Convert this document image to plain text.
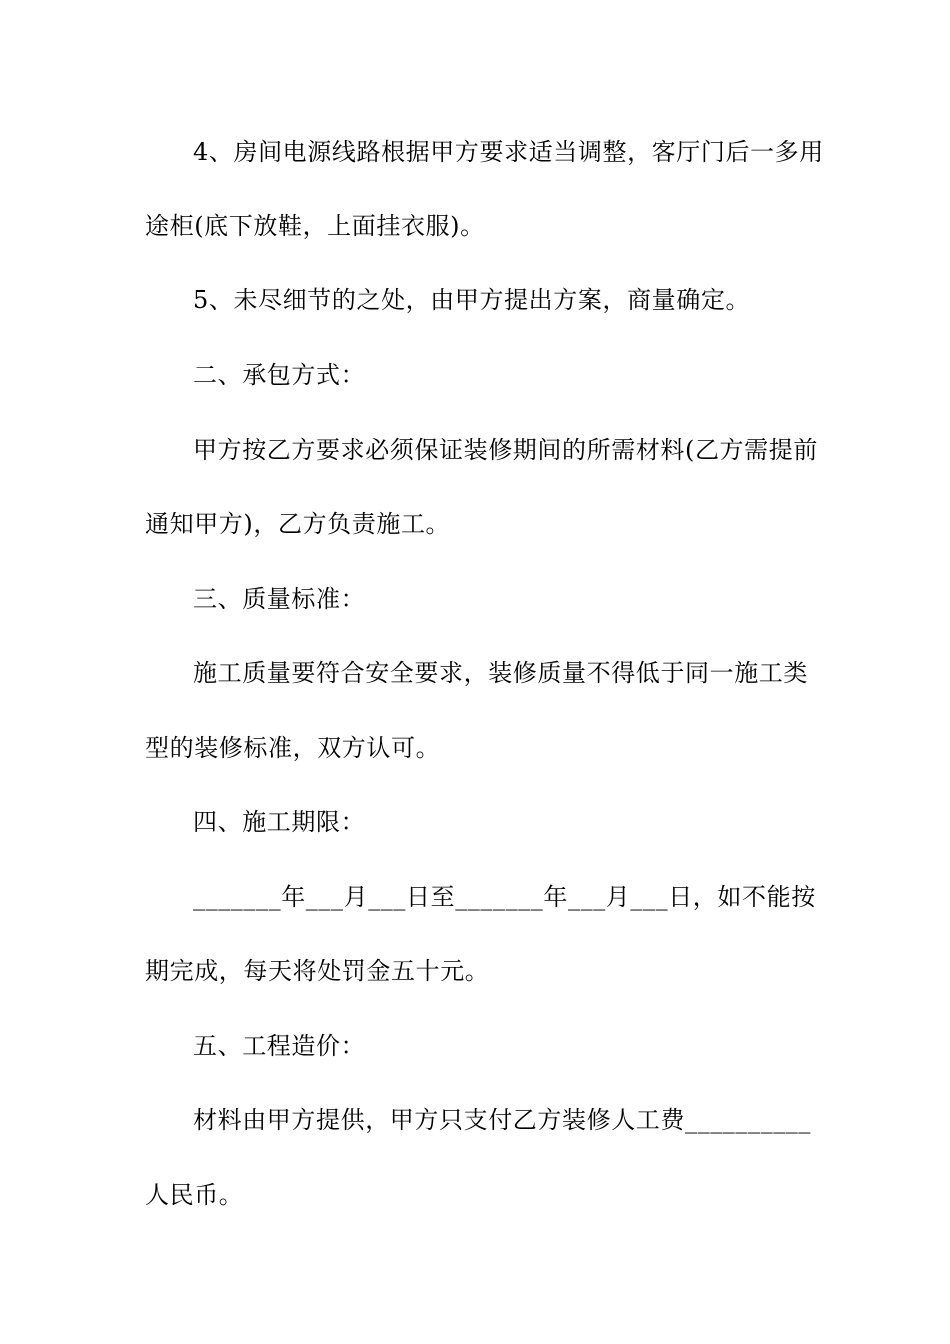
4、房间电源线路根据甲方要求适当调整，客厅门后一多用
途柜(底下放鞋，上面挂衣服)。
5、未尽细节的之处，由甲方提出方案，商量确定。
二、承包方式：
甲方按乙方要求必须保证装修期间的所需材料(乙方需提前
通知甲方)，乙方负责施工。
三、质量标准：
施工质量要符合安全要求，装修质量不得低于同一施工类
型的装修标准，双方认可。
四、施工期限：
_______年___月___日至_______年___月___日，如不能按
期完成，每天将处罚金五十元。
五、工程造价：
材料由甲方提供，甲方只支付乙方装修人工费__________
人民币。
